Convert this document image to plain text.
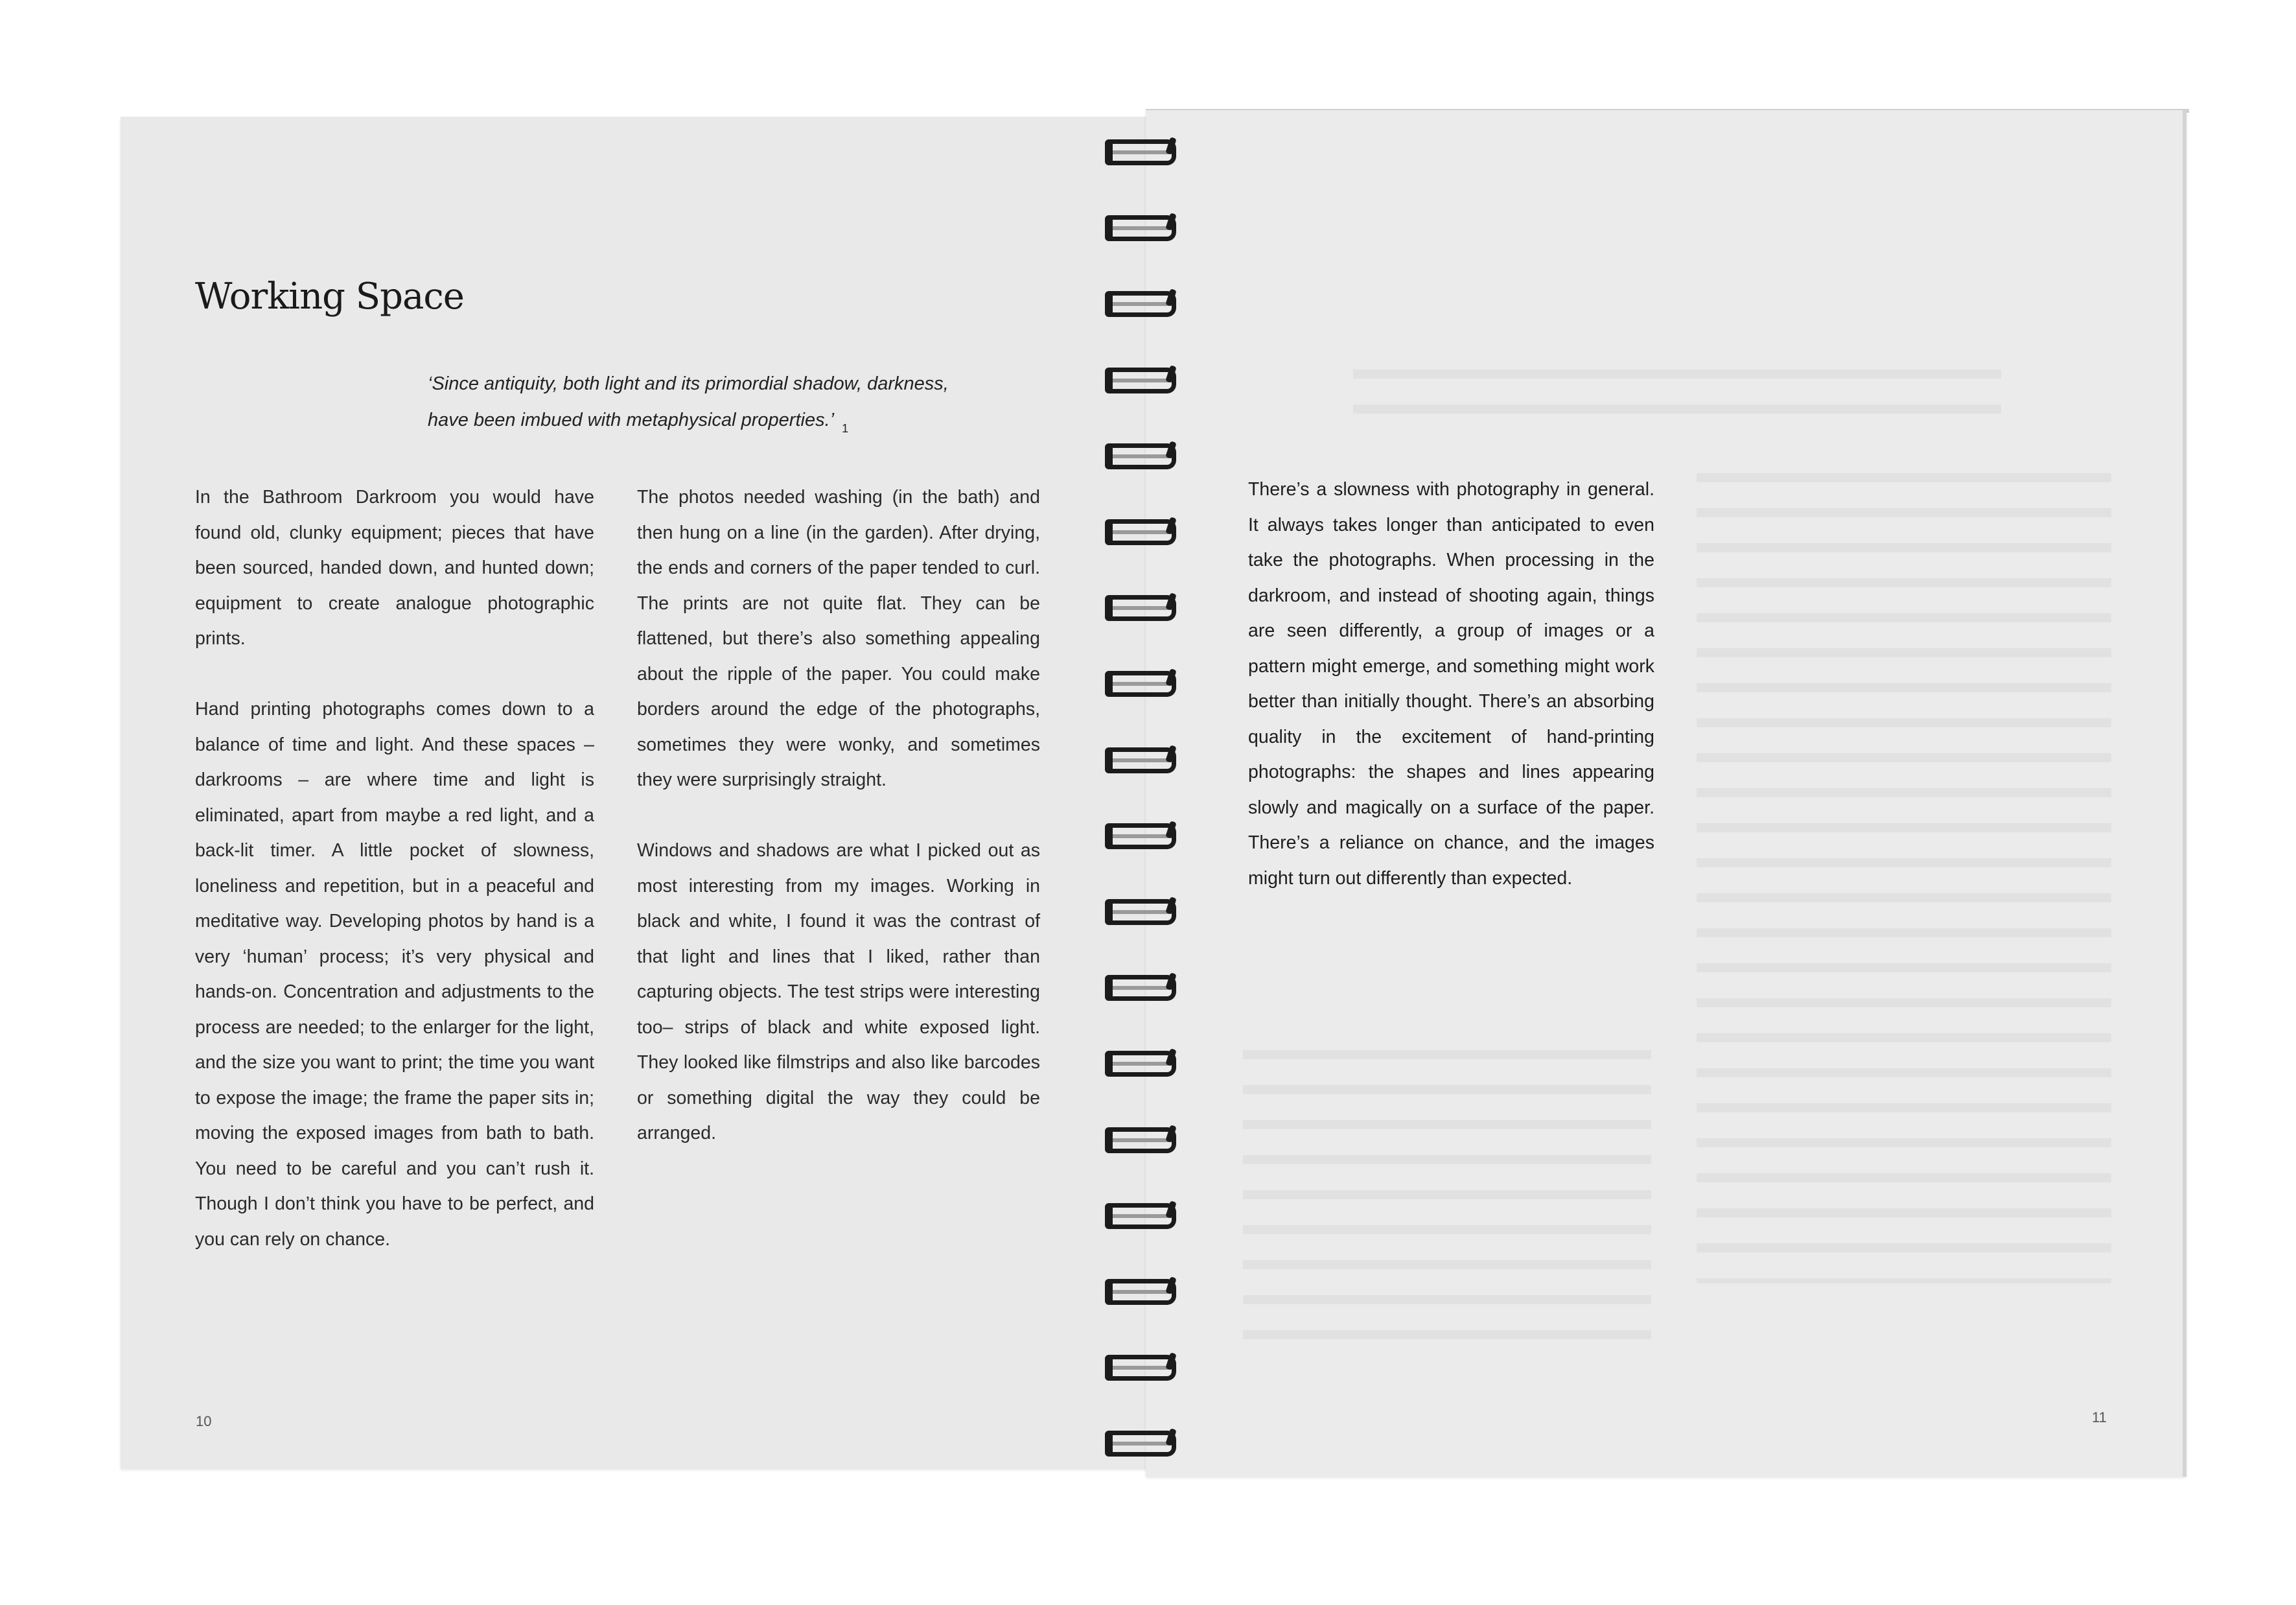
Working Space
‘Since antiquity, both light and its primordial shadow, darkness,
have been imbued with metaphysical properties.’ $_1$

In the Bathroom Darkroom you would have found old, clunky equipment; pieces that have been sourced, handed down, and hunted down; equipment to create analogue photographic prints.

Hand printing photographs comes down to a balance of time and light. And these spaces – darkrooms – are where time and light is eliminated, apart from maybe a red light, and a back-lit timer. A little pocket of slowness, loneliness and repetition, but in a peaceful and meditative way. Developing photos by hand is a very ‘human’ process; it’s very physical and hands-on. Concentration and adjustments to the process are needed; to the enlarger for the light, and the size you want to print; the time you want to expose the image; the frame the paper sits in; moving the exposed images from bath to bath. You need to be careful and you can’t rush it. Though I don’t think you have to be perfect, and you can rely on chance.

The photos needed washing (in the bath) and then hung on a line (in the garden). After drying, the ends and corners of the paper tended to curl. The prints are not quite flat. They can be flattened, but there’s also something appealing about the ripple of the paper. You could make borders around the edge of the photographs, sometimes they were wonky, and sometimes they were surprisingly straight.

Windows and shadows are what I picked out as most interesting from my images. Working in black and white, I found it was the contrast of that light and lines that I liked, rather than capturing objects. The test strips were interesting too– strips of black and white exposed light. They looked like filmstrips and also like barcodes or something digital the way they could be arranged.

10

There’s a slowness with photography in general. It always takes longer than anticipated to even take the photographs. When processing in the darkroom, and instead of shooting again, things are seen differently, a group of images or a pattern might emerge, and something might work better than initially thought. There’s an absorbing quality in the excitement of hand-printing photographs: the shapes and lines appearing slowly and magically on a surface of the paper. There’s a reliance on chance, and the images might turn out differently than expected.

11
